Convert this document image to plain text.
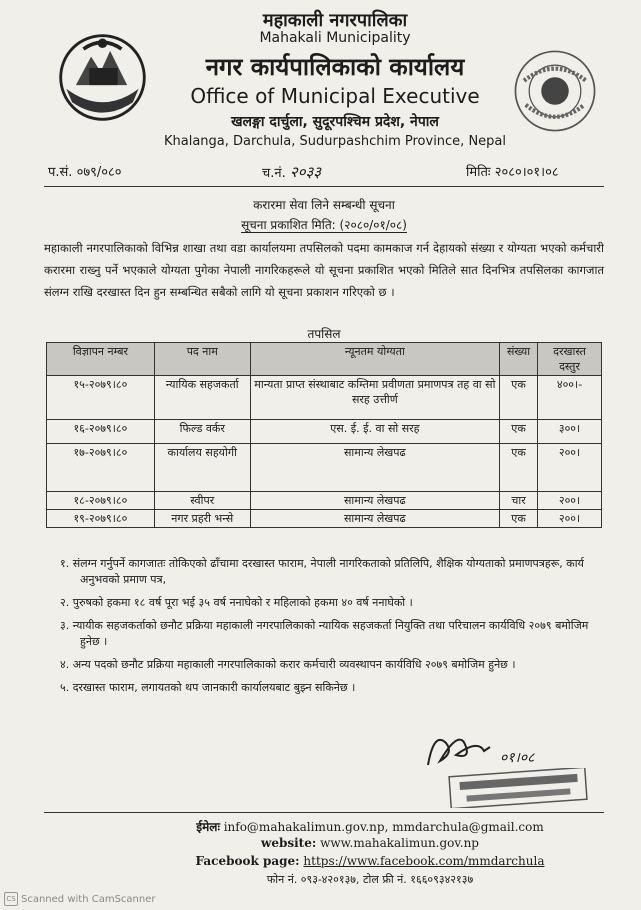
महाकाली नगरपालिका
Mahakali Municipality
नगर कार्यपालिकाको कार्यालय
Office of Municipal Executive
खलङ्गा दार्चुला, सुदूरपश्चिम प्रदेश, नेपाल
Khalanga, Darchula, Sudurpashchim Province, Nepal
प.सं. ०७९/०८०	च.नं. २०३३	मितिः २०८०।०१।०८
करारमा सेवा लिने सम्बन्धी सूचना
सूचना प्रकाशित मिति: (२०८०/०१/०८)
महाकाली नगरपालिकाको विभिन्न शाखा तथा वडा कार्यालयमा तपसिलको पदमा कामकाज गर्न देहायको संख्या र योग्यता भएको कर्मचारी करारमा राख्नु पर्ने भएकाले योग्यता पुगेका नेपाली नागरिकहरूले यो सूचना प्रकाशित भएको मितिले सात दिनभित्र तपसिलका कागजात संलग्न राखि दरखास्त दिन हुन सम्बन्धित सबैको लागि यो सूचना प्रकाशन गरिएको छ ।
तपसिल
विज्ञापन नम्बर	पद नाम	न्यूनतम योग्यता	संख्या	दरखास्त दस्तुर
१५-२०७९।८०	न्यायिक सहजकर्ता	मान्यता प्राप्त संस्थाबाट कम्तिमा प्रवीणता प्रमाणपत्र तह वा सो सरह उत्तीर्ण	एक	४००।-
१६-२०७९।८०	फिल्ड वर्कर	एस. ई. ई. वा सो सरह	एक	३००।
१७-२०७९।८०	कार्यालय सहयोगी	सामान्य लेखपढ	एक	२००।
१८-२०७९।८०	स्वीपर	सामान्य लेखपढ	चार	२००।
१९-२०७९।८०	नगर प्रहरी भन्से	सामान्य लेखपढ	एक	२००।
१. संलग्न गर्नुपर्ने कागजातः तोकिएको ढाँचामा दरखास्त फाराम, नेपाली नागरिकताको प्रतिलिपि, शैक्षिक योग्यताको प्रमाणपत्रहरू, कार्य अनुभवको प्रमाण पत्र,
२. पुरुषको हकमा १८ वर्ष पूरा भई ३५ वर्ष ननाघेको र महिलाको हकमा ४० वर्ष ननाघेको ।
३. न्यायीक सहजकर्ताको छनौट प्रक्रिया महाकाली नगरपालिकाको न्यायिक सहजकर्ता नियुक्ति तथा परिचालन कार्यविधि २०७९ बमोजिम हुनेछ ।
४. अन्य पदको छनौट प्रक्रिया महाकाली नगरपालिकाको करार कर्मचारी व्यवस्थापन कार्यविधि २०७९ बमोजिम हुनेछ ।
५. दरखास्त फाराम, लगायतको थप जानकारी कार्यालयबाट बुझ्न सकिनेछ ।
०१।०८
ईमेलः info@mahakalimun.gov.np, mmdarchula@gmail.com
website: www.mahakalimun.gov.np
Facebook page: https://www.facebook.com/mmdarchula
फोन नं. ०९३-४२०१३७, टोल फ्री नं. १६६०९३४२१३७
CS Scanned with CamScanner
